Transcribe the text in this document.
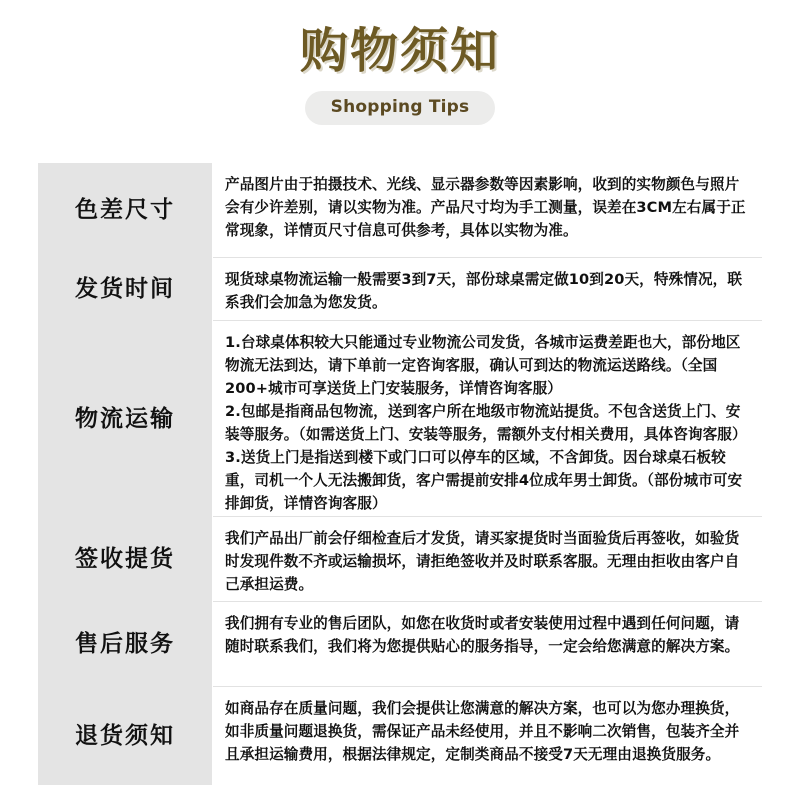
购物须知
Shopping Tips
色差尺寸
发货时间
物流运输
签收提货
售后服务
退货须知

产品图片由于拍摄技术、光线、显示器参数等因素影响，收到的实物颜色与照片会有少许差别，请以实物为准。产品尺寸均为手工测量，误差在3CM左右属于正常现象，详情页尺寸信息可供参考，具体以实物为准。

现货球桌物流运输一般需要3到7天，部份球桌需定做10到20天，特殊情况，联系我们会加急为您发货。

1.台球桌体积较大只能通过专业物流公司发货，各城市运费差距也大，部份地区物流无法到达，请下单前一定咨询客服，确认可到达的物流运送路线。（全国200+城市可享送货上门安装服务，详情咨询客服）

2.包邮是指商品包物流，送到客户所在地级市物流站提货。不包含送货上门、安装等服务。（如需送货上门、安装等服务，需额外支付相关费用，具体咨询客服）

3.送货上门是指送到楼下或门口可以停车的区域，不含卸货。因台球桌石板较重，司机一个人无法搬卸货，客户需提前安排4位成年男士卸货。（部份城市可安排卸货，详情咨询客服）

我们产品出厂前会仔细检查后才发货，请买家提货时当面验货后再签收，如验货时发现件数不齐或运输损坏，请拒绝签收并及时联系客服。无理由拒收由客户自己承担运费。

我们拥有专业的售后团队，如您在收货时或者安装使用过程中遇到任何问题，请随时联系我们，我们将为您提供贴心的服务指导，一定会给您满意的解决方案。

如商品存在质量问题，我们会提供让您满意的解决方案，也可以为您办理换货，如非质量问题退换货，需保证产品未经使用，并且不影响二次销售，包装齐全并且承担运输费用，根据法律规定，定制类商品不接受7天无理由退换货服务。
